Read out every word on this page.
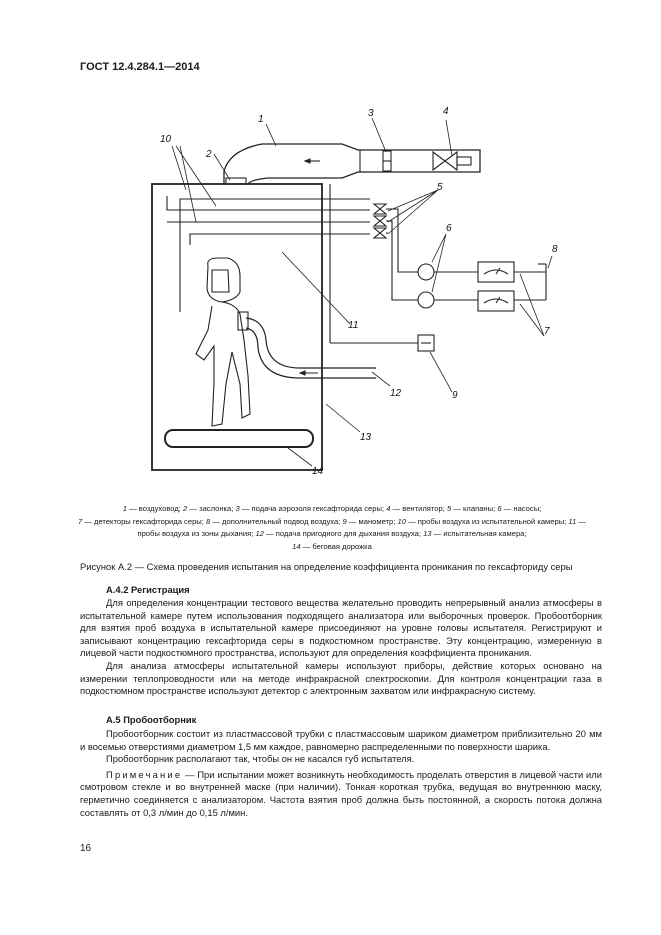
ГОСТ 12.4.284.1—2014
1
2
3	4
5
6
7
8
9
10
11
12
13
14
1 — воздуховод; 2 — заслонка; 3 — подача аэрозоля гексафторида серы; 4 — вентилятор; 5 — клапаны; 6 — насосы;
7 — детекторы гексафторида серы; 8 — дополнительный подвод воздуха; 9 — манометр; 10 — пробы воздуха из испытательной камеры; 11 — пробы воздуха из зоны дыхания; 12 — подача пригодного для дыхания воздуха; 13 — испытательная камера;
14 — беговая дорожка
Рисунок А.2 — Схема проведения испытания на определение коэффициента проникания по гексафториду серы
А.4.2 Регистрация

Для определения концентрации тестового вещества желательно проводить непрерывный анализ атмосферы в испытательной камере путем использования подходящего анализатора или выборочных проверок. Пробоотборник для взятия проб воздуха в испытательной камере присоединяют на уровне головы испытателя. Регистрируют и записывают концентрацию гексафторида серы в подкостюмном пространстве. Эту концентрацию, измеренную в лицевой части подкостюмного пространства, используют для определения коэффициента проникания.

Для анализа атмосферы испытательной камеры используют приборы, действие которых основано на измерении теплопроводности или на методе инфракрасной спектроскопии. Для контроля концентрации газа в подкостюмном пространстве используют детектор с электронным захватом или инфракрасную систему.

А.5 Пробоотборник

Пробоотборник состоит из пластмассовой трубки с пластмассовым шариком диаметром приблизительно 20 мм и восемью отверстиями диаметром 1,5 мм каждое, равномерно распределенными по поверхности шарика.

Пробоотборник располагают так, чтобы он не касался губ испытателя.

Примечание — При испытании может возникнуть необходимость проделать отверстия в лицевой части или смотровом стекле и во внутренней маске (при наличии). Тонкая короткая трубка, ведущая во внутреннюю маску, герметично соединяется с анализатором. Частота взятия проб должна быть постоянной, а скорость потока должна составлять от 0,3 л/мин до 0,15 л/мин.

16
